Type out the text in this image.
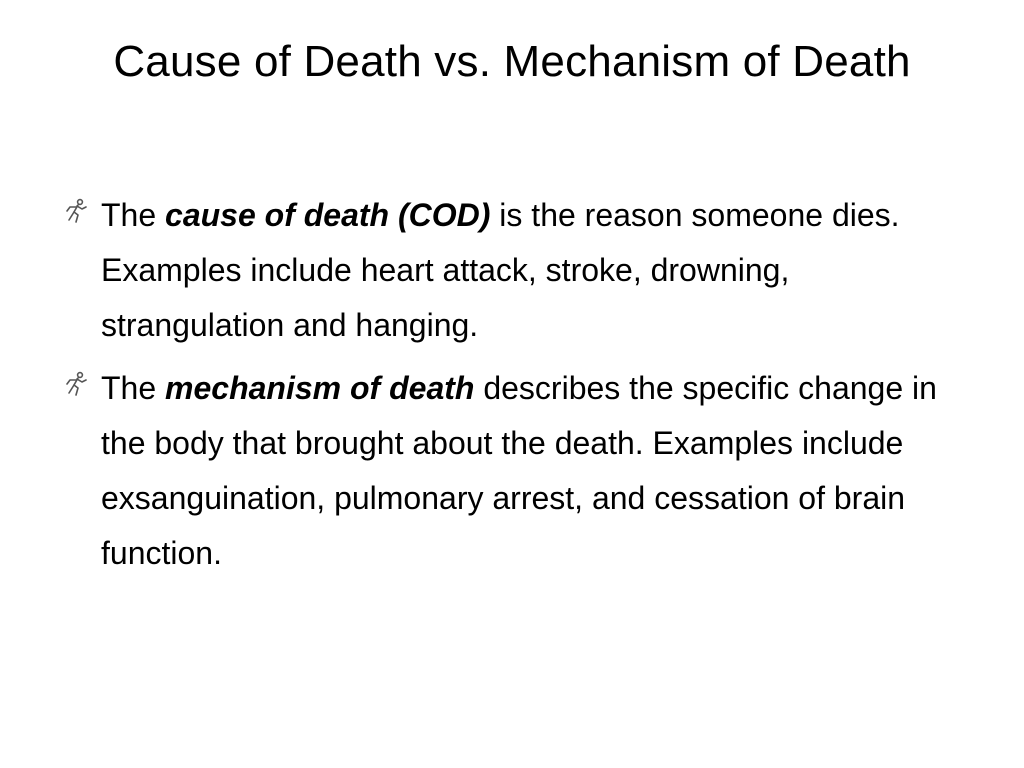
Cause of Death vs. Mechanism of Death
The cause of death (COD) is the reason someone dies. Examples include heart attack, stroke, drowning, strangulation and hanging.
The mechanism of death describes the specific change in the body that brought about the death. Examples include exsanguination, pulmonary arrest, and cessation of brain function.
